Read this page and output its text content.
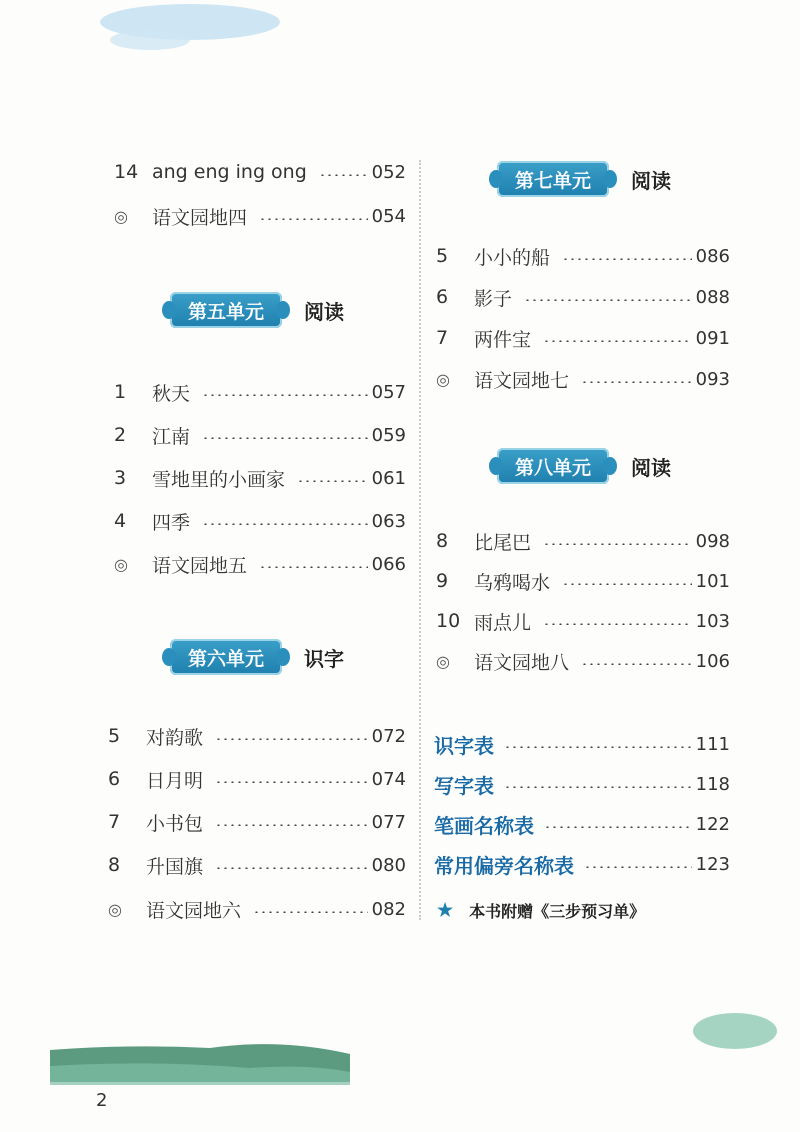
14 ang eng ing ong	052
◎	语文园地四	054
第五单元	阅读
1	秋天	057
2	江南	059
3	雪地里的小画家	061
4	四季	063
◎	语文园地五	066
第六单元	识字
5	对韵歌	072
6	日月明	074
7	小书包	077
8	升国旗	080
◎	语文园地六	082
第七单元	阅读
5	小小的船	086
6	影子	088
7	两件宝	091
◎	语文园地七	093
第八单元	阅读
8	比尾巴	098
9	乌鸦喝水	101
10 雨点儿	103
◎	语文园地八	106
识字表	111
写字表	118
笔画名称表	122
常用偏旁名称表	123
★ 本书附赠《三步预习单》
2
